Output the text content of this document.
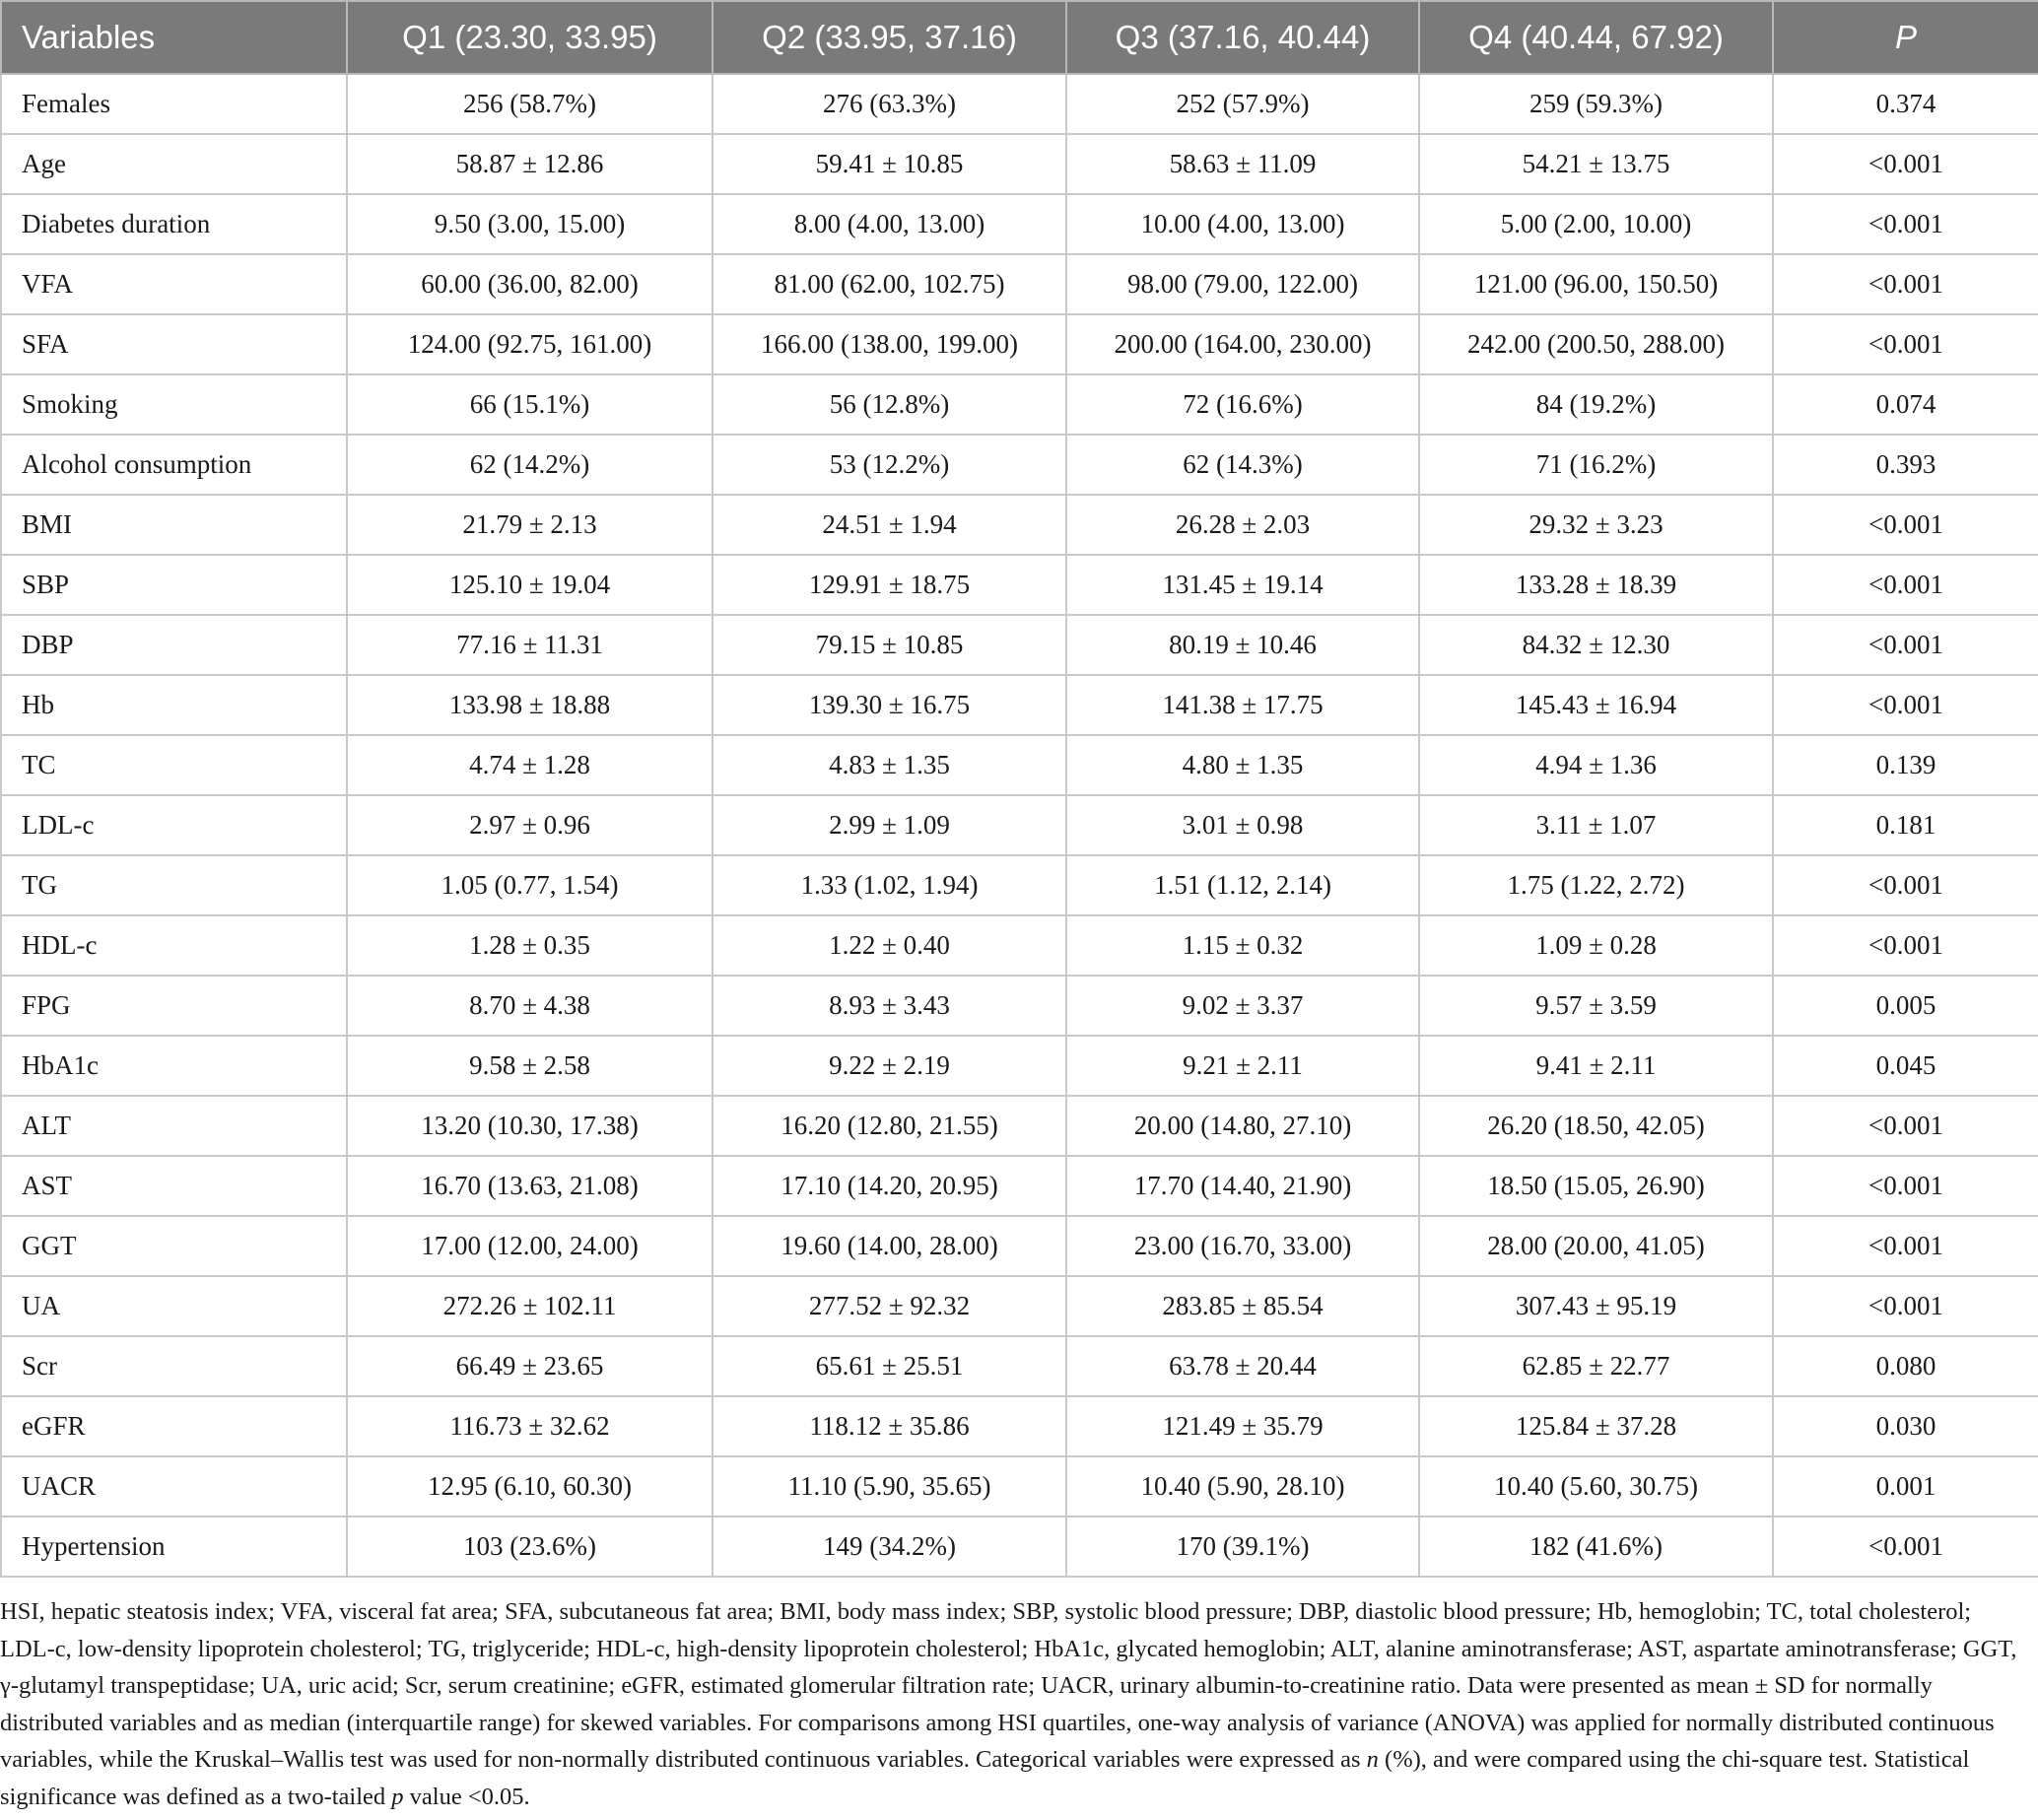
Variables	Q1 (23.30, 33.95)	Q2 (33.95, 37.16)	Q3 (37.16, 40.44)	Q4 (40.44, 67.92)	P
Females	256 (58.7%)	276 (63.3%)	252 (57.9%)	259 (59.3%)	0.374
Age	58.87 ± 12.86	59.41 ± 10.85	58.63 ± 11.09	54.21 ± 13.75	<0.001
Diabetes duration	9.50 (3.00, 15.00)	8.00 (4.00, 13.00)	10.00 (4.00, 13.00)	5.00 (2.00, 10.00)	<0.001
VFA	60.00 (36.00, 82.00)	81.00 (62.00, 102.75)	98.00 (79.00, 122.00)	121.00 (96.00, 150.50)	<0.001
SFA	124.00 (92.75, 161.00)	166.00 (138.00, 199.00)	200.00 (164.00, 230.00)	242.00 (200.50, 288.00)	<0.001
Smoking	66 (15.1%)	56 (12.8%)	72 (16.6%)	84 (19.2%)	0.074
Alcohol consumption	62 (14.2%)	53 (12.2%)	62 (14.3%)	71 (16.2%)	0.393
BMI	21.79 ± 2.13	24.51 ± 1.94	26.28 ± 2.03	29.32 ± 3.23	<0.001
SBP	125.10 ± 19.04	129.91 ± 18.75	131.45 ± 19.14	133.28 ± 18.39	<0.001
DBP	77.16 ± 11.31	79.15 ± 10.85	80.19 ± 10.46	84.32 ± 12.30	<0.001
Hb	133.98 ± 18.88	139.30 ± 16.75	141.38 ± 17.75	145.43 ± 16.94	<0.001
TC	4.74 ± 1.28	4.83 ± 1.35	4.80 ± 1.35	4.94 ± 1.36	0.139
LDL-c	2.97 ± 0.96	2.99 ± 1.09	3.01 ± 0.98	3.11 ± 1.07	0.181
TG	1.05 (0.77, 1.54)	1.33 (1.02, 1.94)	1.51 (1.12, 2.14)	1.75 (1.22, 2.72)	<0.001
HDL-c	1.28 ± 0.35	1.22 ± 0.40	1.15 ± 0.32	1.09 ± 0.28	<0.001
FPG	8.70 ± 4.38	8.93 ± 3.43	9.02 ± 3.37	9.57 ± 3.59	0.005
HbA1c	9.58 ± 2.58	9.22 ± 2.19	9.21 ± 2.11	9.41 ± 2.11	0.045
ALT	13.20 (10.30, 17.38)	16.20 (12.80, 21.55)	20.00 (14.80, 27.10)	26.20 (18.50, 42.05)	<0.001
AST	16.70 (13.63, 21.08)	17.10 (14.20, 20.95)	17.70 (14.40, 21.90)	18.50 (15.05, 26.90)	<0.001
GGT	17.00 (12.00, 24.00)	19.60 (14.00, 28.00)	23.00 (16.70, 33.00)	28.00 (20.00, 41.05)	<0.001
UA	272.26 ± 102.11	277.52 ± 92.32	283.85 ± 85.54	307.43 ± 95.19	<0.001
Scr	66.49 ± 23.65	65.61 ± 25.51	63.78 ± 20.44	62.85 ± 22.77	0.080
eGFR	116.73 ± 32.62	118.12 ± 35.86	121.49 ± 35.79	125.84 ± 37.28	0.030
UACR	12.95 (6.10, 60.30)	11.10 (5.90, 35.65)	10.40 (5.90, 28.10)	10.40 (5.60, 30.75)	0.001
Hypertension	103 (23.6%)	149 (34.2%)	170 (39.1%)	182 (41.6%)	<0.001
HSI, hepatic steatosis index; VFA, visceral fat area; SFA, subcutaneous fat area; BMI, body mass index; SBP, systolic blood pressure; DBP, diastolic blood pressure; Hb, hemoglobin; TC, total cholesterol; LDL-c, low-density lipoprotein cholesterol; TG, triglyceride; HDL-c, high-density lipoprotein cholesterol; HbA1c, glycated hemoglobin; ALT, alanine aminotransferase; AST, aspartate aminotransferase; GGT, γ-glutamyl transpeptidase; UA, uric acid; Scr, serum creatinine; eGFR, estimated glomerular filtration rate; UACR, urinary albumin-to-creatinine ratio. Data were presented as mean ± SD for normally distributed variables and as median (interquartile range) for skewed variables. For comparisons among HSI quartiles, one-way analysis of variance (ANOVA) was applied for normally distributed continuous variables, while the Kruskal–Wallis test was used for non-normally distributed continuous variables. Categorical variables were expressed as n (%), and were compared using the chi-square test. Statistical significance was defined as a two-tailed p value <0.05.
